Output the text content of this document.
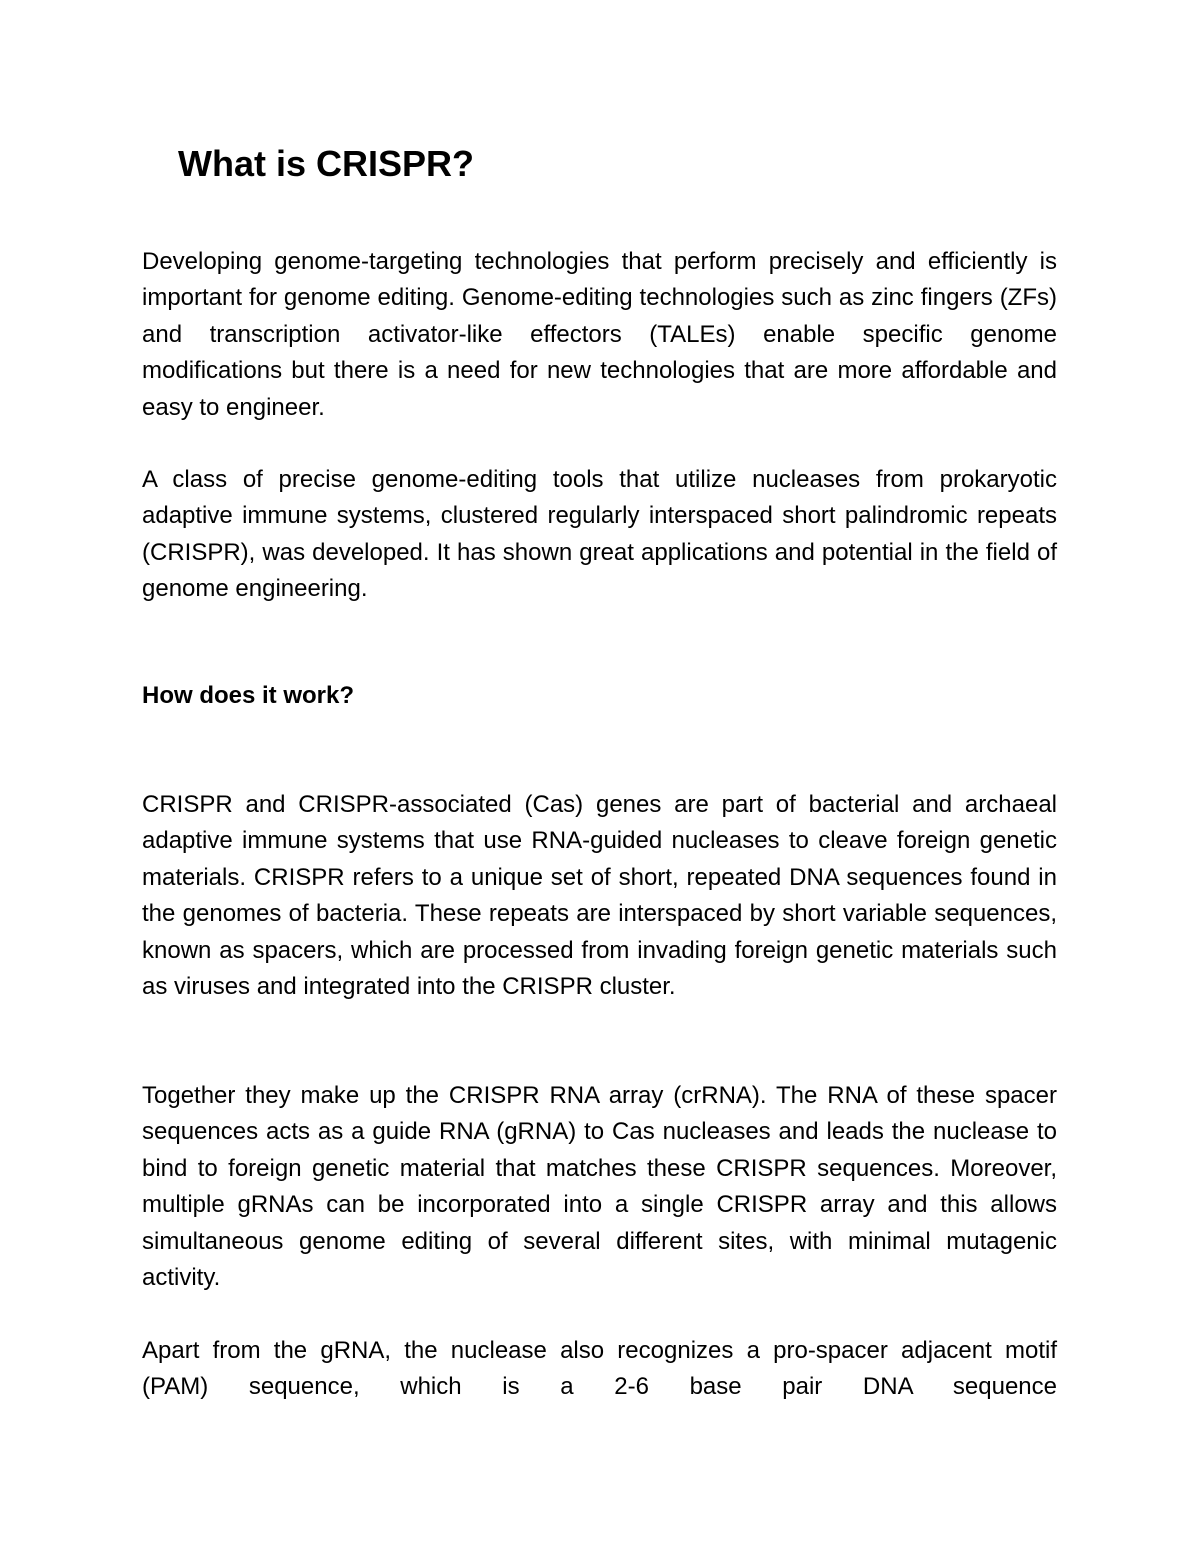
What is CRISPR?

Developing genome-targeting technologies that perform precisely and efficiently is important for genome editing. Genome-editing technologies such as zinc fingers (ZFs) and transcription activator-like effectors (TALEs) enable specific genome modifications but there is a need for new technologies that are more affordable and easy to engineer.

A class of precise genome-editing tools that utilize nucleases from prokaryotic adaptive immune systems, clustered regularly interspaced short palindromic repeats (CRISPR), was developed. It has shown great applications and potential in the field of genome engineering.

How does it work?

CRISPR and CRISPR-associated (Cas) genes are part of bacterial and archaeal adaptive immune systems that use RNA-guided nucleases to cleave foreign genetic materials. CRISPR refers to a unique set of short, repeated DNA sequences found in the genomes of bacteria. These repeats are interspaced by short variable sequences, known as spacers, which are processed from invading foreign genetic materials such as viruses and integrated into the CRISPR cluster.

Together they make up the CRISPR RNA array (crRNA). The RNA of these spacer sequences acts as a guide RNA (gRNA) to Cas nucleases and leads the nuclease to bind to foreign genetic material that matches these CRISPR sequences. Moreover, multiple gRNAs can be incorporated into a single CRISPR array and this allows simultaneous genome editing of several different sites, with minimal mutagenic activity.

Apart from the gRNA, the nuclease also recognizes a pro-spacer adjacent motif (PAM) sequence, which is a 2-6 base pair DNA sequence
